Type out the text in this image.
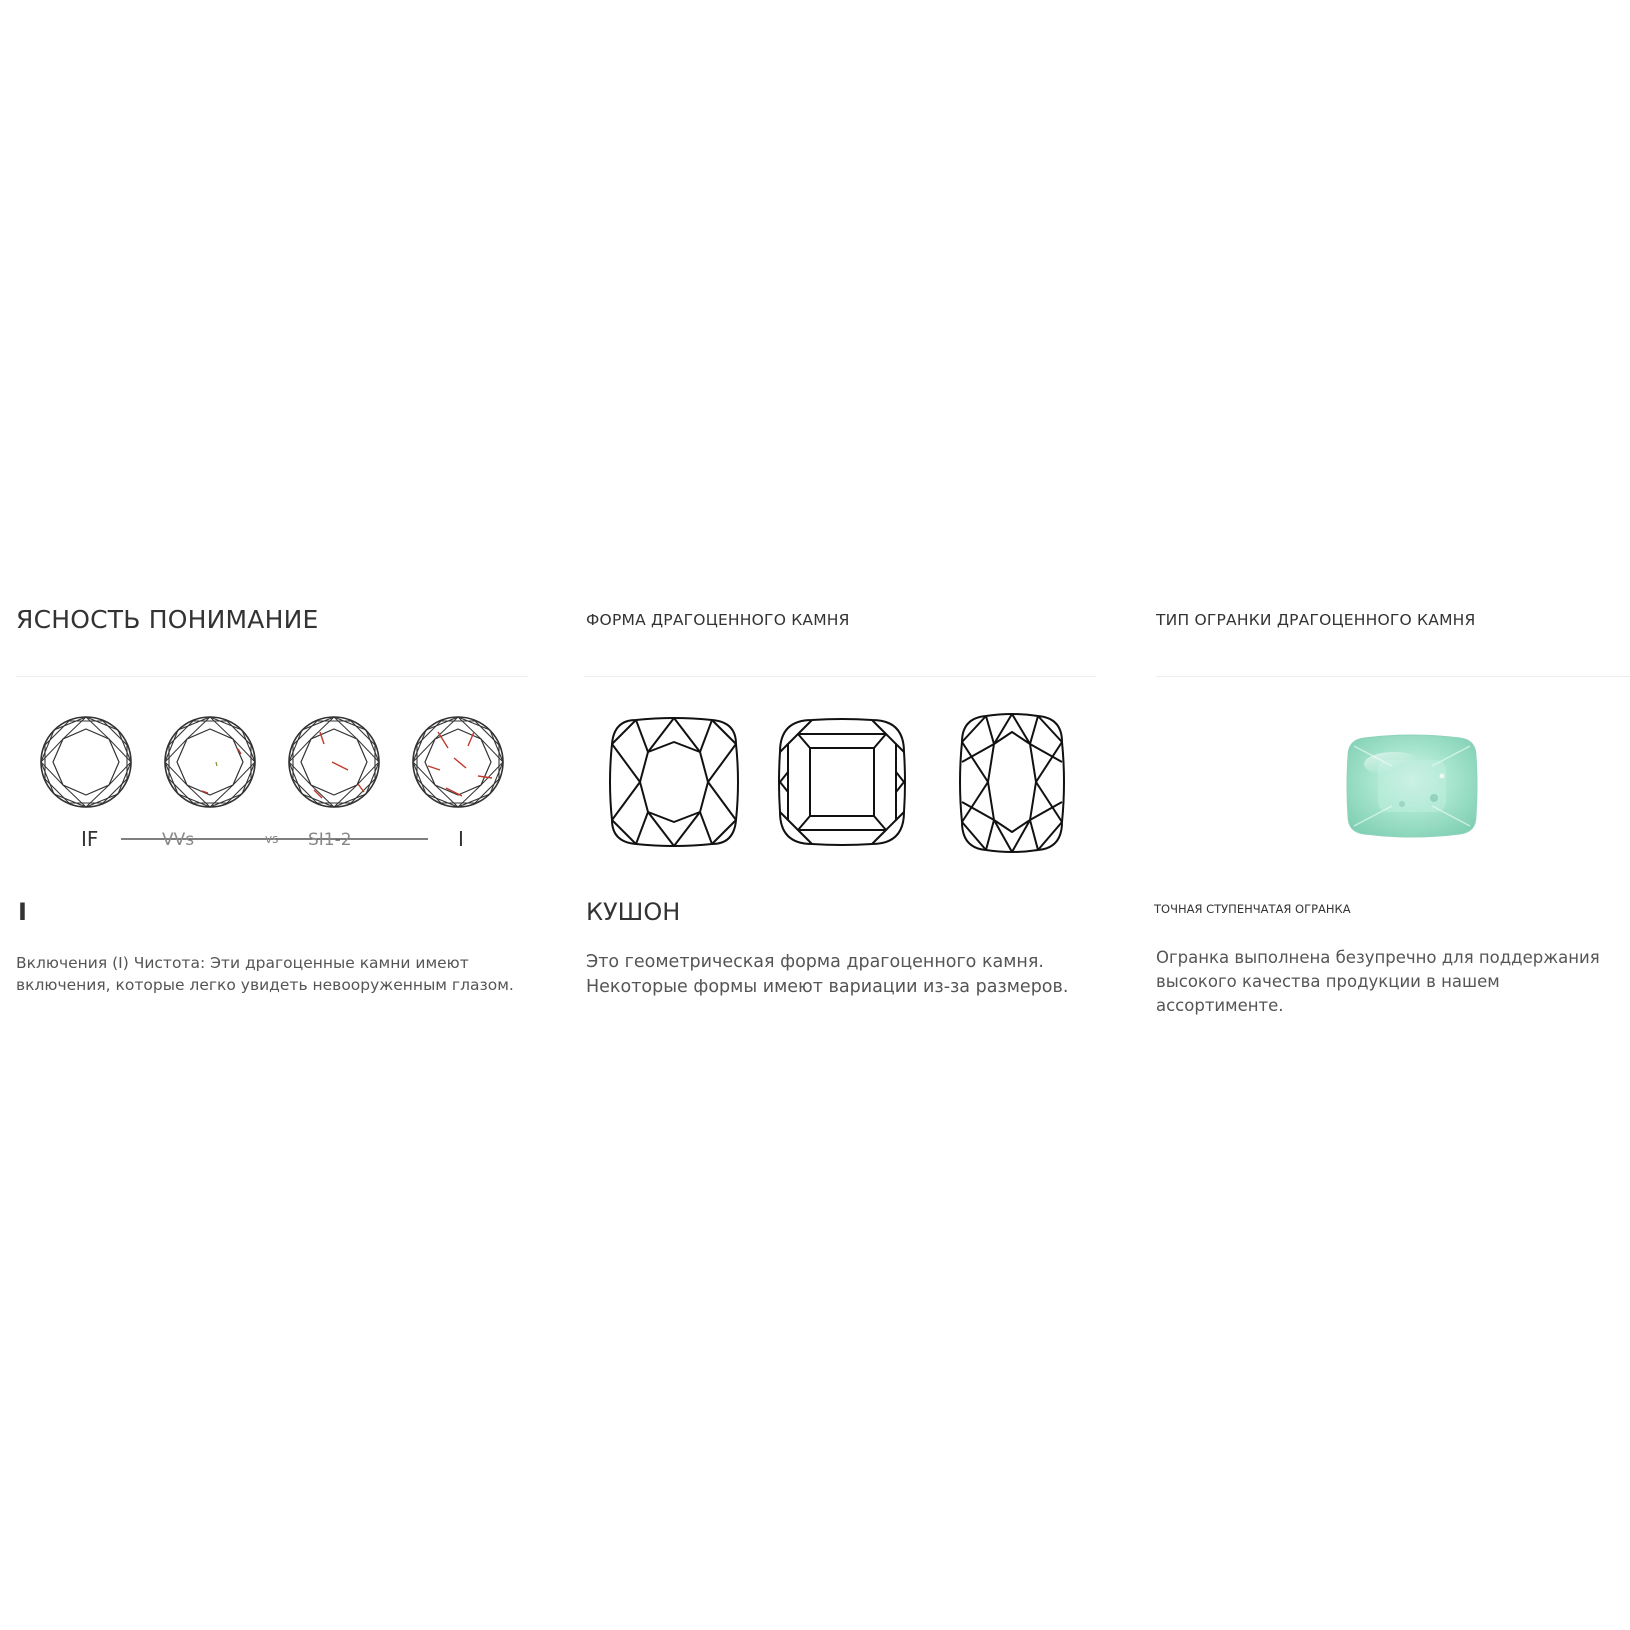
ЯСНОСТЬ ПОНИМАНИЕ
IF	VVs	vs SI1-2	I
I
Включения (I) Чистота: Эти драгоценные камни имеют включения, которые легко увидеть невооруженным глазом.
ФОРМА ДРАГОЦЕННОГО КАМНЯ
КУШОН
Это геометрическая форма драгоценного камня. Некоторые формы имеют вариации из-за размеров.
ТИП ОГРАНКИ ДРАГОЦЕННОГО КАМНЯ
ТОЧНАЯ СТУПЕНЧАТАЯ ОГРАНКА
Огранка выполнена безупречно для поддержания высокого качества продукции в нашем ассортименте.
